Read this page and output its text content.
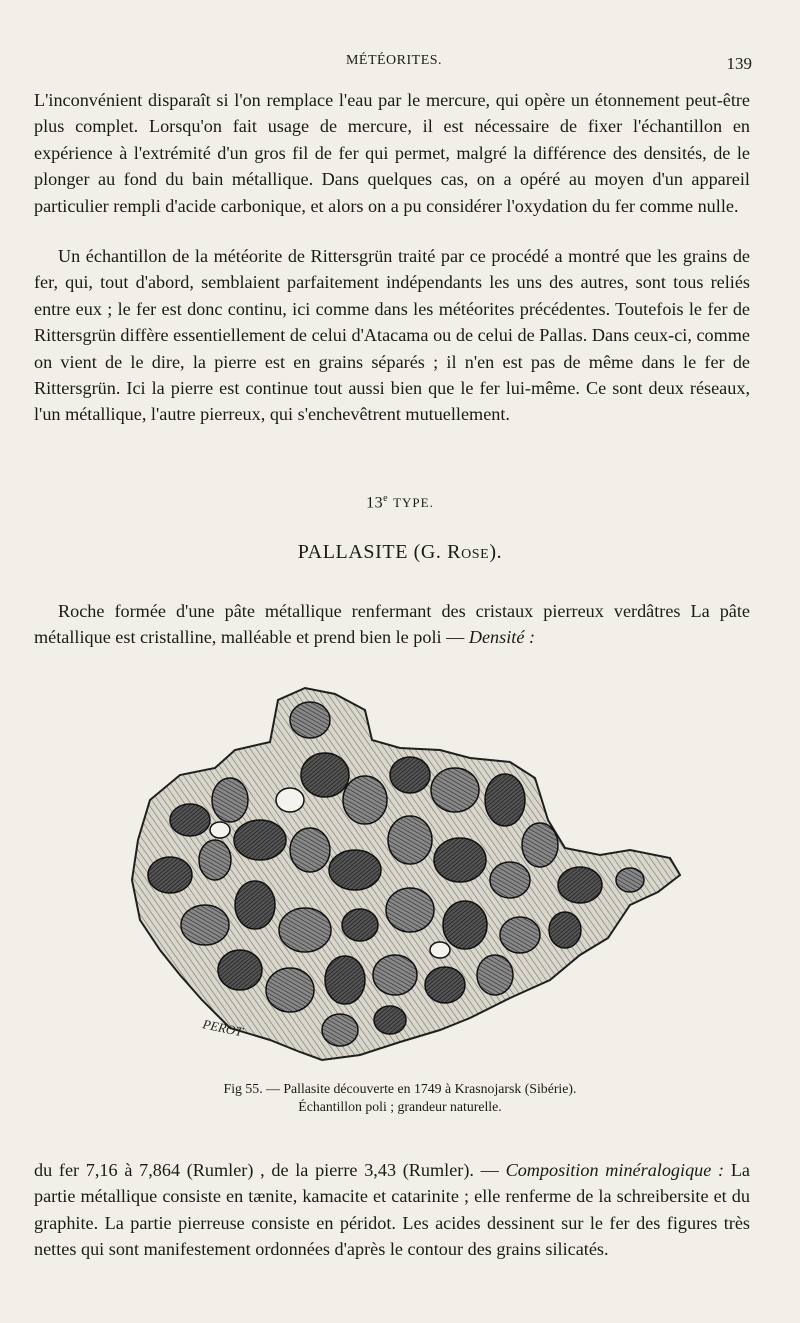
MÉTÉORITES.	139

L'inconvénient disparaît si l'on remplace l'eau par le mercure, qui opère un étonnement peut-être plus complet. Lorsqu'on fait usage de mercure, il est nécessaire de fixer l'échantillon en expérience à l'extrémité d'un gros fil de fer qui permet, malgré la différence des densités, de le plonger au fond du bain métallique. Dans quelques cas, on a opéré au moyen d'un appareil particulier rempli d'acide carbonique, et alors on a pu considérer l'oxydation du fer comme nulle.

Un échantillon de la météorite de Rittersgrün traité par ce procédé a montré que les grains de fer, qui, tout d'abord, semblaient parfaitement indépendants les uns des autres, sont tous reliés entre eux ; le fer est donc continu, ici comme dans les météorites précédentes. Toutefois le fer de Rittersgrün diffère essentiellement de celui d'Atacama ou de celui de Pallas. Dans ceux-ci, comme on vient de le dire, la pierre est en grains séparés ; il n'en est pas de même dans le fer de Rittersgrün. Ici la pierre est continue tout aussi bien que le fer lui-même. Ce sont deux réseaux, l'un métallique, l'autre pierreux, qui s'enchevêtrent mutuellement.

13e TYPE.
PALLASITE (G. Rose).

Roche formée d'une pâte métallique renfermant des cristaux pierreux verdâtres La pâte métallique est cristalline, malléable et prend bien le poli — Densité :

PEROT
Fig 55. — Pallasite découverte en 1749 à Krasnojarsk (Sibérie).
Échantillon poli ; grandeur naturelle.

du fer 7,16 à 7,864 (Rumler) , de la pierre 3,43 (Rumler). — Composition minéralogique : La partie métallique consiste en tænite, kamacite et catarinite ; elle renferme de la schreibersite et du graphite. La partie pierreuse consiste en péridot. Les acides dessinent sur le fer des figures très nettes qui sont manifestement ordonnées d'après le contour des grains silicatés.
